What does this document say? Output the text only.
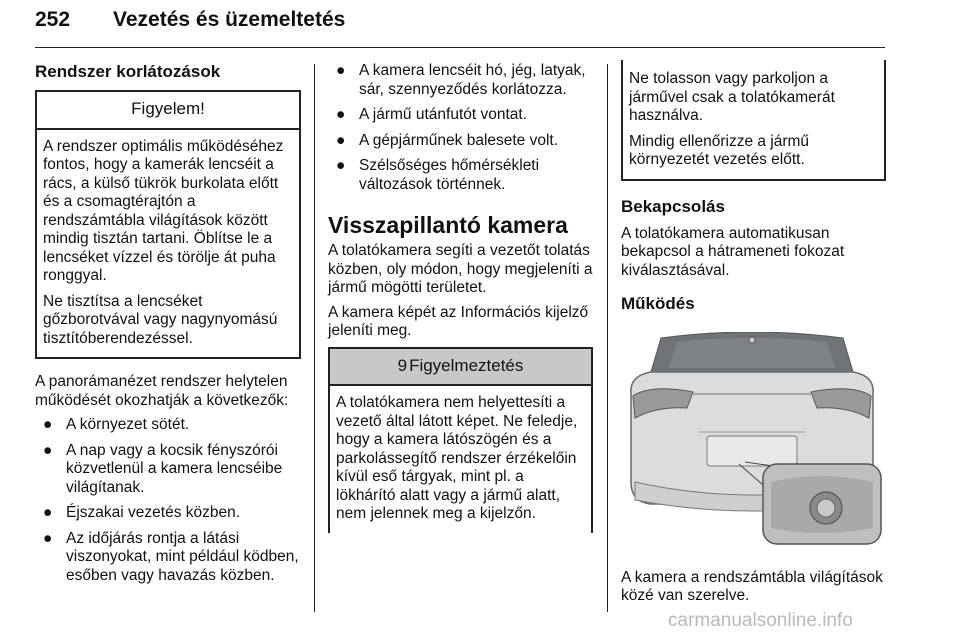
252 Vezetés és üzemeltetés
Rendszer korlátozások
Figyelem!

A rendszer optimális működéséhez fontos, hogy a kamerák lencséit a rács, a külső tükrök burkolata előtt és a csomagtérajtón a rendszámtábla világítások között mindig tisztán tartani. Öblítse le a lencséket vízzel és törölje át puha ronggyal.

Ne tisztítsa a lencséket gőzborotvával vagy nagynyomású tisztítóberendezéssel.

A panorámanézet rendszer helytelen működését okozhatják a következők:

● A környezet sötét.
● A nap vagy a kocsik fényszórói közvetlenül a kamera lencséibe világítanak.
● Éjszakai vezetés közben.
● Az időjárás rontja a látási viszonyokat, mint például ködben, esőben vagy havazás közben.
● A kamera lencséit hó, jég, latyak, sár, szennyeződés korlátozza.
● A jármű utánfutót vontat.
● A gépjárműnek balesete volt.
● Szélsőséges hőmérsékleti változások történnek.
Visszapillantó kamera

A tolatókamera segíti a vezetőt tolatás közben, oly módon, hogy megjeleníti a jármű mögötti területet.

A kamera képét az Információs kijelző jeleníti meg.

9 Figyelmeztetés

A tolatókamera nem helyettesíti a vezető által látott képet. Ne feledje, hogy a kamera látószögén és a parkolássegítő rendszer érzékelőin kívül eső tárgyak, mint pl. a lökhárító alatt vagy a jármű alatt, nem jelennek meg a kijelzőn.

Ne tolasson vagy parkoljon a járművel csak a tolatókamerát használva.

Mindig ellenőrizze a jármű környezetét vezetés előtt.

Bekapcsolás

A tolatókamera automatikusan bekapcsol a hátrameneti fokozat kiválasztásával.

Működés

A kamera a rendszámtábla világítások közé van szerelve.

carmanualsonline.info
